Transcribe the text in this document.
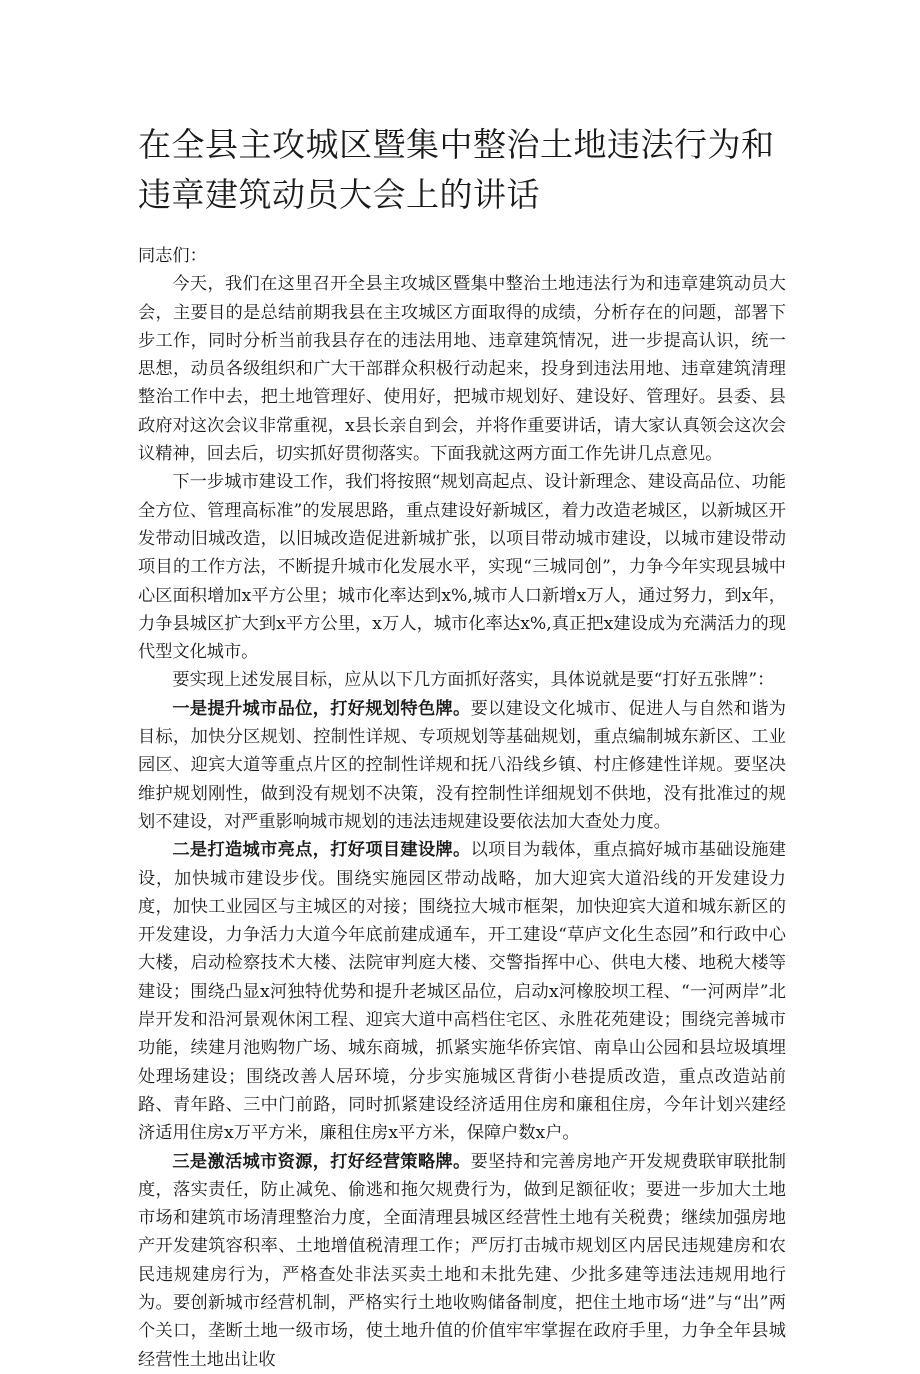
在全县主攻城区暨集中整治土地违法行为和违章建筑动员大会上的讲话

同志们：

今天，我们在这里召开全县主攻城区暨集中整治土地违法行为和违章建筑动员大会，主要目的是总结前期我县在主攻城区方面取得的成绩，分析存在的问题，部署下步工作，同时分析当前我县存在的违法用地、违章建筑情况，进一步提高认识，统一思想，动员各级组织和广大干部群众积极行动起来，投身到违法用地、违章建筑清理整治工作中去，把土地管理好、使用好，把城市规划好、建设好、管理好。县委、县政府对这次会议非常重视，x县长亲自到会，并将作重要讲话，请大家认真领会这次会议精神，回去后，切实抓好贯彻落实。下面我就这两方面工作先讲几点意见。

下一步城市建设工作，我们将按照“规划高起点、设计新理念、建设高品位、功能全方位、管理高标准”的发展思路，重点建设好新城区，着力改造老城区，以新城区开发带动旧城改造，以旧城改造促进新城扩张，以项目带动城市建设，以城市建设带动项目的工作方法，不断提升城市化发展水平，实现“三城同创”，力争今年实现县城中心区面积增加x平方公里；城市化率达到x%,城市人口新增x万人，通过努力，到x年，力争县城区扩大到x平方公里，x万人，城市化率达x%,真正把x建设成为充满活力的现代型文化城市。

要实现上述发展目标，应从以下几方面抓好落实，具体说就是要“打好五张牌”：

一是提升城市品位，打好规划特色牌。要以建设文化城市、促进人与自然和谐为目标，加快分区规划、控制性详规、专项规划等基础规划，重点编制城东新区、工业园区、迎宾大道等重点片区的控制性详规和抚八沿线乡镇、村庄修建性详规。要坚决维护规划刚性，做到没有规划不决策，没有控制性详细规划不供地，没有批准过的规划不建设，对严重影响城市规划的违法违规建设要依法加大查处力度。

二是打造城市亮点，打好项目建设牌。以项目为载体，重点搞好城市基础设施建设，加快城市建设步伐。围绕实施园区带动战略，加大迎宾大道沿线的开发建设力度，加快工业园区与主城区的对接；围绕拉大城市框架，加快迎宾大道和城东新区的开发建设，力争活力大道今年底前建成通车，开工建设“草庐文化生态园”和行政中心大楼，启动检察技术大楼、法院审判庭大楼、交警指挥中心、供电大楼、地税大楼等建设；围绕凸显x河独特优势和提升老城区品位，启动x河橡胶坝工程、“一河两岸”北岸开发和沿河景观休闲工程、迎宾大道中高档住宅区、永胜花苑建设；围绕完善城市功能，续建月池购物广场、城东商城，抓紧实施华侨宾馆、南阜山公园和县垃圾填埋处理场建设；围绕改善人居环境，分步实施城区背街小巷提质改造，重点改造站前路、青年路、三中门前路，同时抓紧建设经济适用住房和廉租住房，今年计划兴建经济适用住房x万平方米，廉租住房x平方米，保障户数x户。

三是激活城市资源，打好经营策略牌。要坚持和完善房地产开发规费联审联批制度，落实责任，防止减免、偷逃和拖欠规费行为，做到足额征收；要进一步加大土地市场和建筑市场清理整治力度，全面清理县城区经营性土地有关税费；继续加强房地产开发建筑容积率、土地增值税清理工作；严厉打击城市规划区内居民违规建房和农民违规建房行为，严格查处非法买卖土地和未批先建、少批多建等违法违规用地行为。要创新城市经营机制，严格实行土地收购储备制度，把住土地市场“进”与“出”两个关口，垄断土地一级市场，使土地升值的价值牢牢掌握在政府手里，力争全年县城经营性土地出让收
